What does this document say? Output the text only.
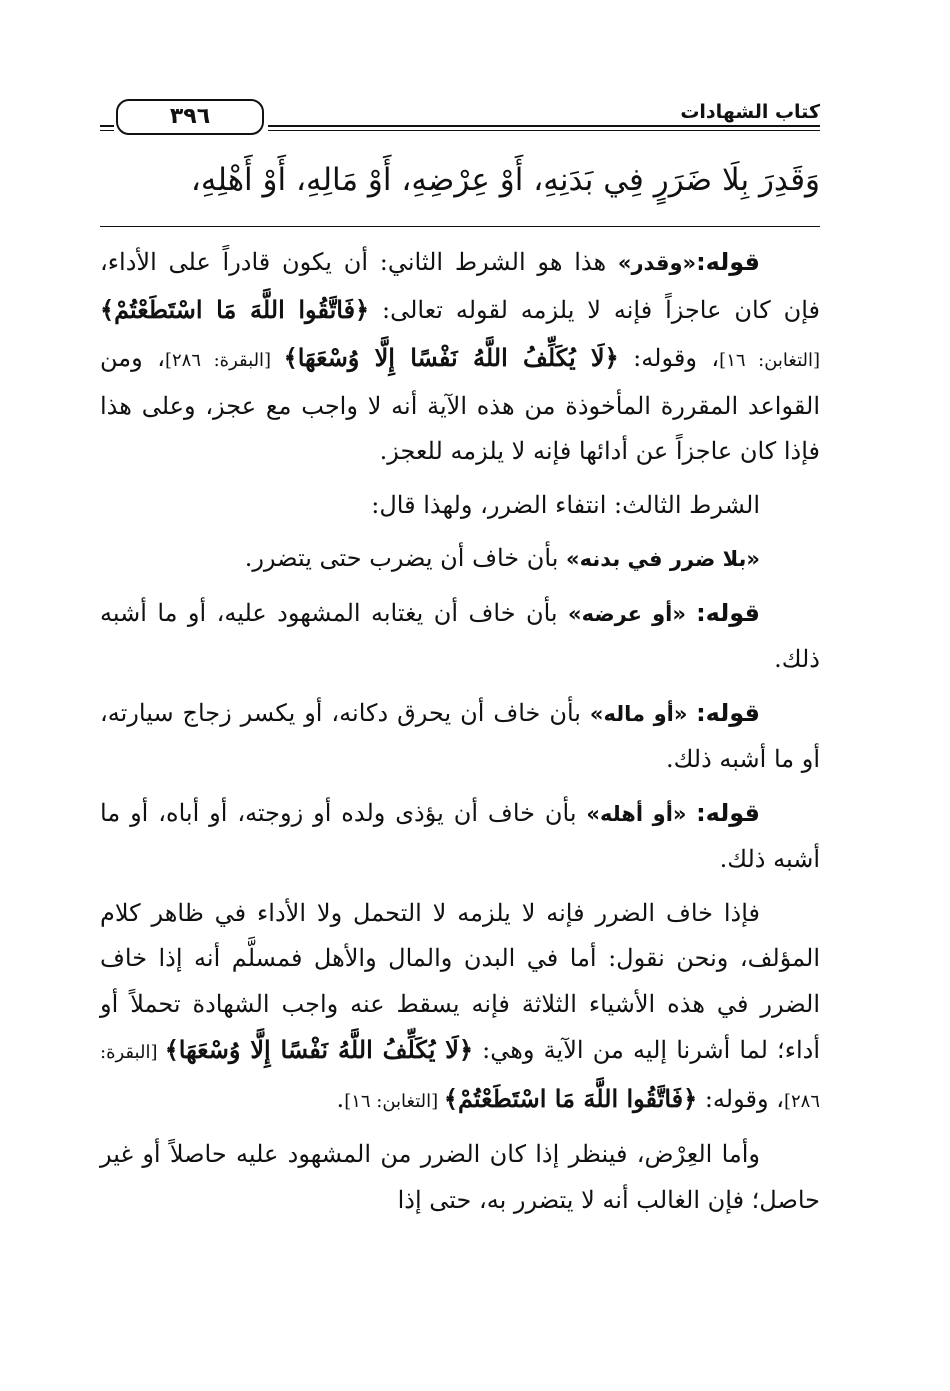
٣٩٦	كتاب الشهادات
وَقَدِرَ بِلَا ضَرَرٍ فِي بَدَنِهِ، أَوْ عِرْضِهِ، أَوْ مَالِهِ، أَوْ أَهْلِهِ،

قوله:«وقدر» هذا هو الشرط الثاني: أن يكون قادراً على الأداء، فإن كان عاجزاً فإنه لا يلزمه لقوله تعالى: ﴿فَاتَّقُوا اللَّهَ مَا اسْتَطَعْتُمْ﴾ [التغابن: ١٦]، وقوله: ﴿لَا يُكَلِّفُ اللَّهُ نَفْسًا إِلَّا وُسْعَهَا﴾ [البقرة: ٢٨٦]، ومن القواعد المقررة المأخوذة من هذه الآية أنه لا واجب مع عجز، وعلى هذا فإذا كان عاجزاً عن أدائها فإنه لا يلزمه للعجز.

الشرط الثالث: انتفاء الضرر، ولهذا قال:

«بلا ضرر في بدنه» بأن خاف أن يضرب حتى يتضرر.

قوله: «أو عرضه» بأن خاف أن يغتابه المشهود عليه، أو ما أشبه ذلك.

قوله: «أو ماله» بأن خاف أن يحرق دكانه، أو يكسر زجاج سيارته، أو ما أشبه ذلك.

قوله: «أو أهله» بأن خاف أن يؤذى ولده أو زوجته، أو أباه، أو ما أشبه ذلك.

فإذا خاف الضرر فإنه لا يلزمه لا التحمل ولا الأداء في ظاهر كلام المؤلف، ونحن نقول: أما في البدن والمال والأهل فمسلَّم أنه إذا خاف الضرر في هذه الأشياء الثلاثة فإنه يسقط عنه واجب الشهادة تحملاً أو أداء؛ لما أشرنا إليه من الآية وهي: ﴿لَا يُكَلِّفُ اللَّهُ نَفْسًا إِلَّا وُسْعَهَا﴾ [البقرة: ٢٨٦]، وقوله: ﴿فَاتَّقُوا اللَّهَ مَا اسْتَطَعْتُمْ﴾ [التغابن: ١٦].

وأما العِرْض، فينظر إذا كان الضرر من المشهود عليه حاصلاً أو غير حاصل؛ فإن الغالب أنه لا يتضرر به، حتى إذا
